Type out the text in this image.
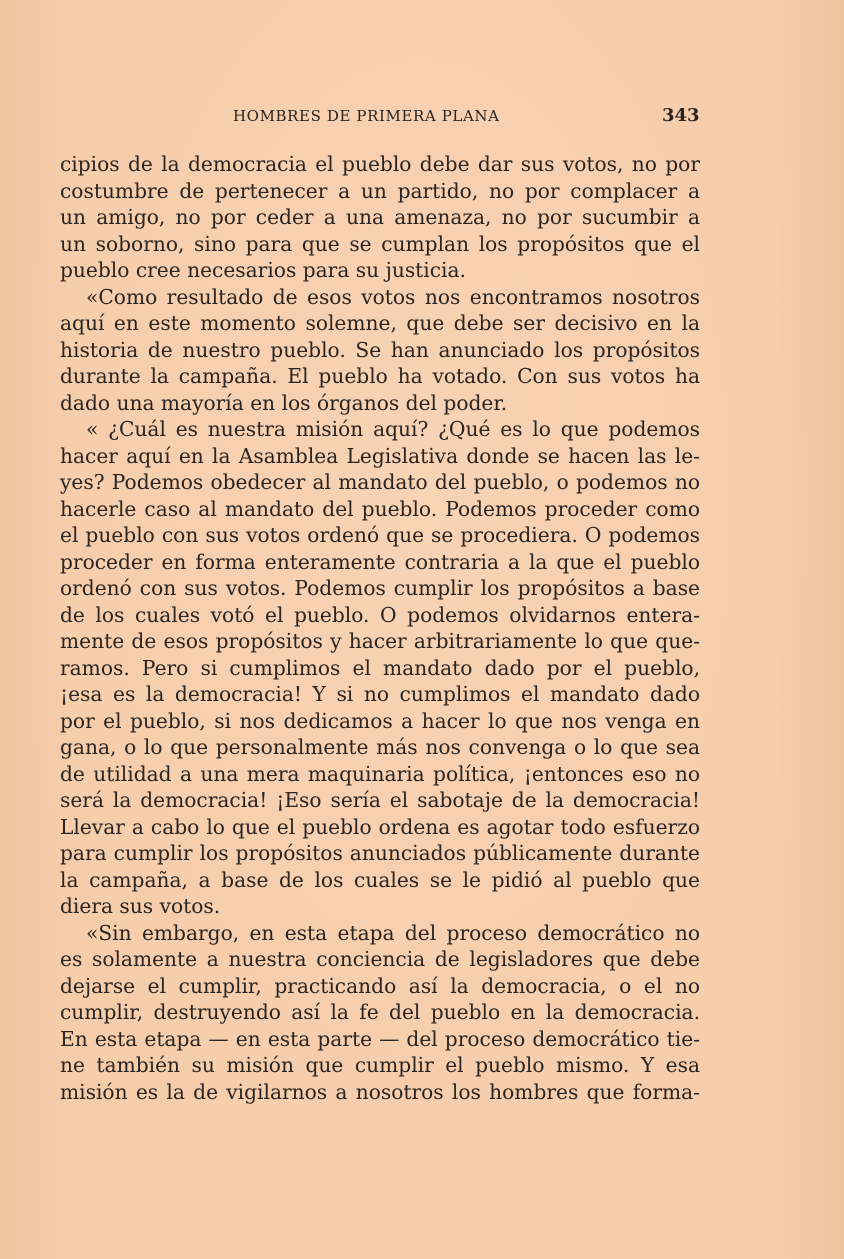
HOMBRES DE PRIMERA PLANA	343
cipios de la democracia el pueblo debe dar sus votos, no por
costumbre de pertenecer a un partido, no por complacer a
un amigo, no por ceder a una amenaza, no por sucumbir a
un soborno, sino para que se cumplan los propósitos que el
pueblo cree necesarios para su justicia.
«Como resultado de esos votos nos encontramos nosotros
aquí en este momento solemne, que debe ser decisivo en la
historia de nuestro pueblo. Se han anunciado los propósitos
durante la campaña. El pueblo ha votado. Con sus votos ha
dado una mayoría en los órganos del poder.
« ¿Cuál es nuestra misión aquí? ¿Qué es lo que podemos
hacer aquí en la Asamblea Legislativa donde se hacen las le-
yes? Podemos obedecer al mandato del pueblo, o podemos no
hacerle caso al mandato del pueblo. Podemos proceder como
el pueblo con sus votos ordenó que se procediera. O podemos
proceder en forma enteramente contraria a la que el pueblo
ordenó con sus votos. Podemos cumplir los propósitos a base
de los cuales votó el pueblo. O podemos olvidarnos entera-
mente de esos propósitos y hacer arbitrariamente lo que que-
ramos. Pero si cumplimos el mandato dado por el pueblo,
¡esa es la democracia! Y si no cumplimos el mandato dado
por el pueblo, si nos dedicamos a hacer lo que nos venga en
gana, o lo que personalmente más nos convenga o lo que sea
de utilidad a una mera maquinaria política, ¡entonces eso no
será la democracia! ¡Eso sería el sabotaje de la democracia!
Llevar a cabo lo que el pueblo ordena es agotar todo esfuerzo
para cumplir los propósitos anunciados públicamente durante
la campaña, a base de los cuales se le pidió al pueblo que
diera sus votos.
«Sin embargo, en esta etapa del proceso democrático no
es solamente a nuestra conciencia de legisladores que debe
dejarse el cumplir, practicando así la democracia, o el no
cumplir, destruyendo así la fe del pueblo en la democracia.
En esta etapa — en esta parte — del proceso democrático tie-
ne también su misión que cumplir el pueblo mismo. Y esa
misión es la de vigilarnos a nosotros los hombres que forma-
